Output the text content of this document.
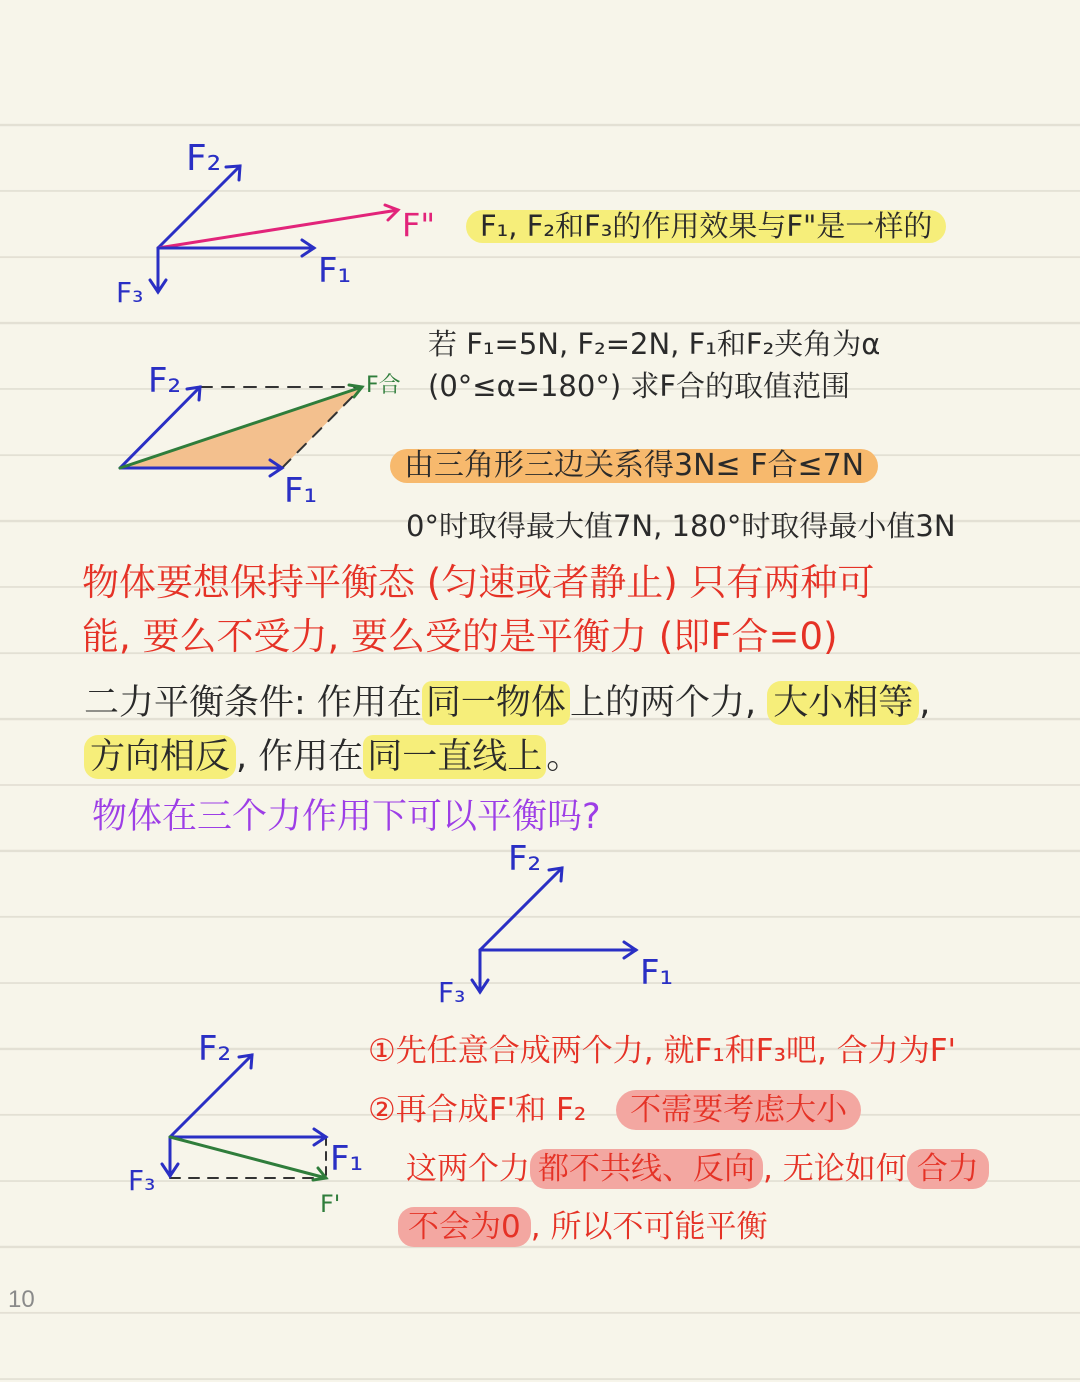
F₂
F"
F₁
F₃
F₂	F合
F₁
F₂
F₁
F₃
F₂
F₁
F₃
F'
F₁, F₂和F₃的作用效果与F"是一样的
若 F₁=5N, F₂=2N, F₁和F₂夹角为α
(0°≤α=180°) 求F合的取值范围
由三角形三边关系得3N≤ F合≤7N
0°时取得最大值7N, 180°时取得最小值3N
物体要想保持平衡态 (匀速或者静止) 只有两种可
能, 要么不受力, 要么受的是平衡力 (即F合=0)
二力平衡条件: 作用在 同一物体 上的两个力, 大小相等 ,
方向相反 , 作用在 同一直线上 。
物体在三个力作用下可以平衡吗?
①先任意合成两个力, 就F₁和F₃吧, 合力为F'
②再合成F'和 F₂ 不需要考虑大小
这两个力 都不共线、反向 , 无论如何 合力
不会为0 , 所以不可能平衡
10
